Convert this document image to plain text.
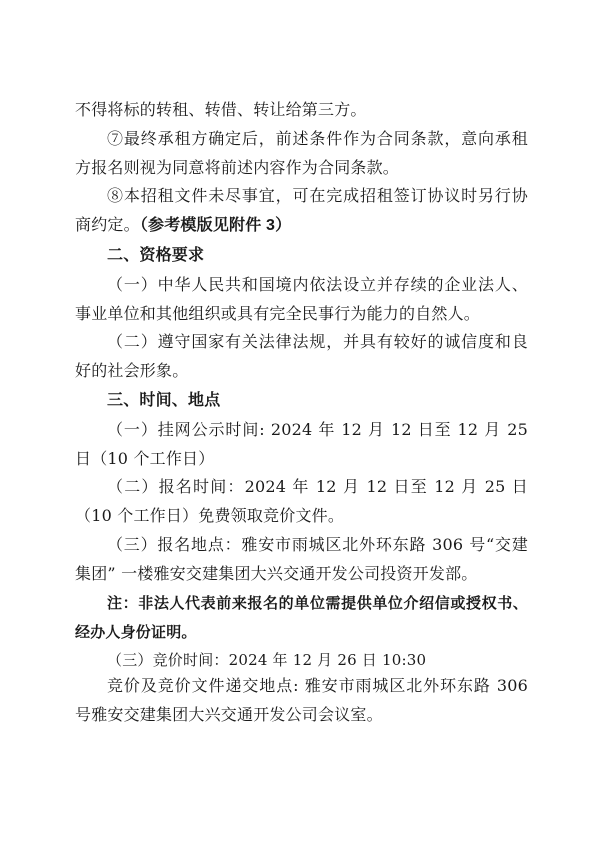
不得将标的转租、转借、转让给第三方。

⑦最终承租方确定后，前述条件作为合同条款，意向承租方报名则视为同意将前述内容作为合同条款。

⑧本招租文件未尽事宜，可在完成招租签订协议时另行协商约定。（参考模版见附件 3）

二、资格要求

（一）中华人民共和国境内依法设立并存续的企业法人、事业单位和其他组织或具有完全民事行为能力的自然人。

（二）遵守国家有关法律法规，并具有较好的诚信度和良好的社会形象。

三、时间、地点

（一）挂网公示时间: 2024 年 12 月 12 日至 12 月 25 日（10 个工作日）

（二）报名时间：2024 年 12 月 12 日至 12 月 25 日（10 个工作日）免费领取竞价文件。

（三）报名地点：雅安市雨城区北外环东路 306 号“交建集团” 一楼雅安交建集团大兴交通开发公司投资开发部。

注：非法人代表前来报名的单位需提供单位介绍信或授权书、经办人身份证明。

（三）竞价时间：2024 年 12 月 26 日 10:30

竞价及竞价文件递交地点: 雅安市雨城区北外环东路 306 号雅安交建集团大兴交通开发公司会议室。
